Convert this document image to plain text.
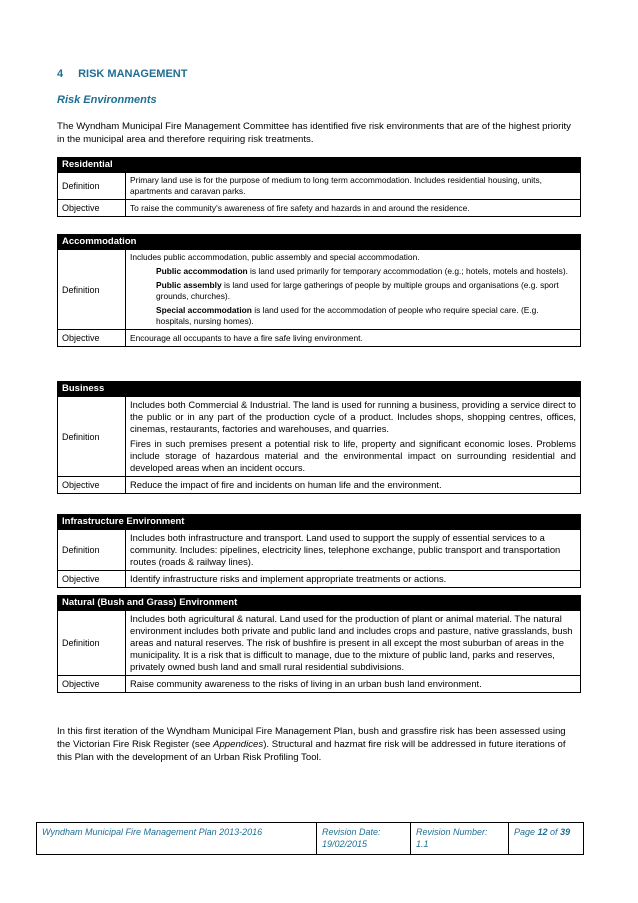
4 RISK MANAGEMENT
Risk Environments

The Wyndham Municipal Fire Management Committee has identified five risk environments that are of the highest priority in the municipal area and therefore requiring risk treatments.

Residential	
Definition	Primary land use is for the purpose of medium to long term accommodation. Includes residential housing, units, apartments and caravan parks.
Objective	To raise the community's awareness of fire safety and hazards in and around the residence.
Accommodation	
Definition	Includes public accommodation, public assembly and special accommodation.
Public accommodation is land used primarily for temporary accommodation (e.g.; hotels, motels and hostels).
Public assembly is land used for large gatherings of people by multiple groups and organisations (e.g. sport grounds, churches).
Special accommodation is land used for the accommodation of people who require special care. (E.g. hospitals, nursing homes).

Objective	Encourage all occupants to have a fire safe living environment.
Business	
Definition	Includes both Commercial & Industrial. The land is used for running a business, providing a service direct to the public or in any part of the production cycle of a product. Includes shops, shopping centres, offices, cinemas, restaurants, factories and warehouses, and quarries.
Fires in such premises present a potential risk to life, property and significant economic loses. Problems include storage of hazardous material and the environmental impact on surrounding residential and developed areas when an incident occurs.

Objective	Reduce the impact of fire and incidents on human life and the environment.
Infrastructure Environment	
Definition	Includes both infrastructure and transport. Land used to support the supply of essential services to a community. Includes: pipelines, electricity lines, telephone exchange, public transport and transportation routes (roads & railway lines).
Objective	Identify infrastructure risks and implement appropriate treatments or actions.
Natural (Bush and Grass) Environment	
Definition	Includes both agricultural & natural. Land used for the production of plant or animal material. The natural environment includes both private and public land and includes crops and pasture, native grasslands, bush areas and natural reserves. The risk of bushfire is present in all except the most suburban of areas in the municipality. It is a risk that is difficult to manage, due to the mixture of public land, parks and reserves, privately owned bush land and small rural residential subdivisions.
Objective	Raise community awareness to the risks of living in an urban bush land environment.

In this first iteration of the Wyndham Municipal Fire Management Plan, bush and grassfire risk has been assessed using the Victorian Fire Risk Register (see Appendices). Structural and hazmat fire risk will be addressed in future iterations of this Plan with the development of an Urban Risk Profiling Tool.

Wyndham Municipal Fire Management Plan 2013-2016	Revision Date:
19/02/2015

Revision Number:
1.1
	Page 12 of 39
